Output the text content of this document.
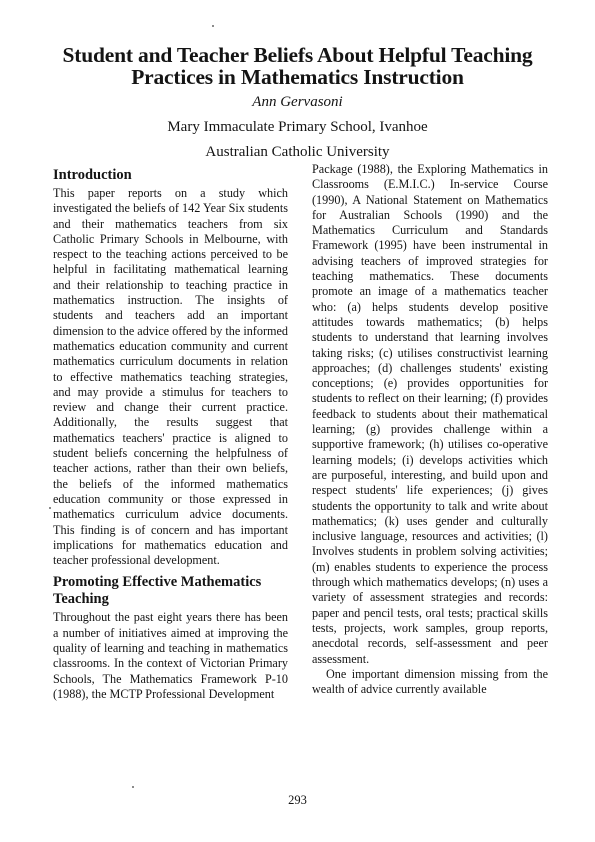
Student and Teacher Beliefs About Helpful Teaching Practices in Mathematics Instruction
Ann Gervasoni
Mary Immaculate Primary School, Ivanhoe
Australian Catholic University
Introduction

This paper reports on a study which investigated the beliefs of 142 Year Six students and their mathematics teachers from six Catholic Primary Schools in Melbourne, with respect to the teaching actions perceived to be helpful in facilitating mathematical learning and their relationship to teaching practice in mathematics instruction. The insights of students and teachers add an important dimension to the advice offered by the informed mathematics education community and current mathematics curriculum documents in relation to effective mathematics teaching strategies, and may provide a stimulus for teachers to review and change their current practice. Additionally, the results suggest that mathematics teachers' practice is aligned to student beliefs concerning the helpfulness of teacher actions, rather than their own beliefs, the beliefs of the informed mathematics education community or those expressed in mathematics curriculum advice documents. This finding is of concern and has important implications for mathematics education and teacher professional development.

Promoting Effective Mathematics Teaching

Throughout the past eight years there has been a number of initiatives aimed at improving the quality of learning and teaching in mathematics classrooms. In the context of Victorian Primary Schools, The Mathematics Framework P-10 (1988), the MCTP Professional Development

Package (1988), the Exploring Mathematics in Classrooms (E.M.I.C.) In-service Course (1990), A National Statement on Mathematics for Australian Schools (1990) and the Mathematics Curriculum and Standards Framework (1995) have been instrumental in advising teachers of improved strategies for teaching mathematics. These documents promote an image of a mathematics teacher who: (a) helps students develop positive attitudes towards mathematics; (b) helps students to understand that learning involves taking risks; (c) utilises constructivist learning approaches; (d) challenges students' existing conceptions; (e) provides opportunities for students to reflect on their learning; (f) provides feedback to students about their mathematical learning; (g) provides challenge within a supportive framework; (h) utilises co-operative learning models; (i) develops activities which are purposeful, interesting, and build upon and respect students' life experiences; (j) gives students the opportunity to talk and write about mathematics; (k) uses gender and culturally inclusive language, resources and activities; (l) Involves students in problem solving activities; (m) enables students to experience the process through which mathematics develops; (n) uses a variety of assessment strategies and records: paper and pencil tests, oral tests; practical skills tests, projects, work samples, group reports, anecdotal records, self-assessment and peer assessment.

One important dimension missing from the wealth of advice currently available

293
